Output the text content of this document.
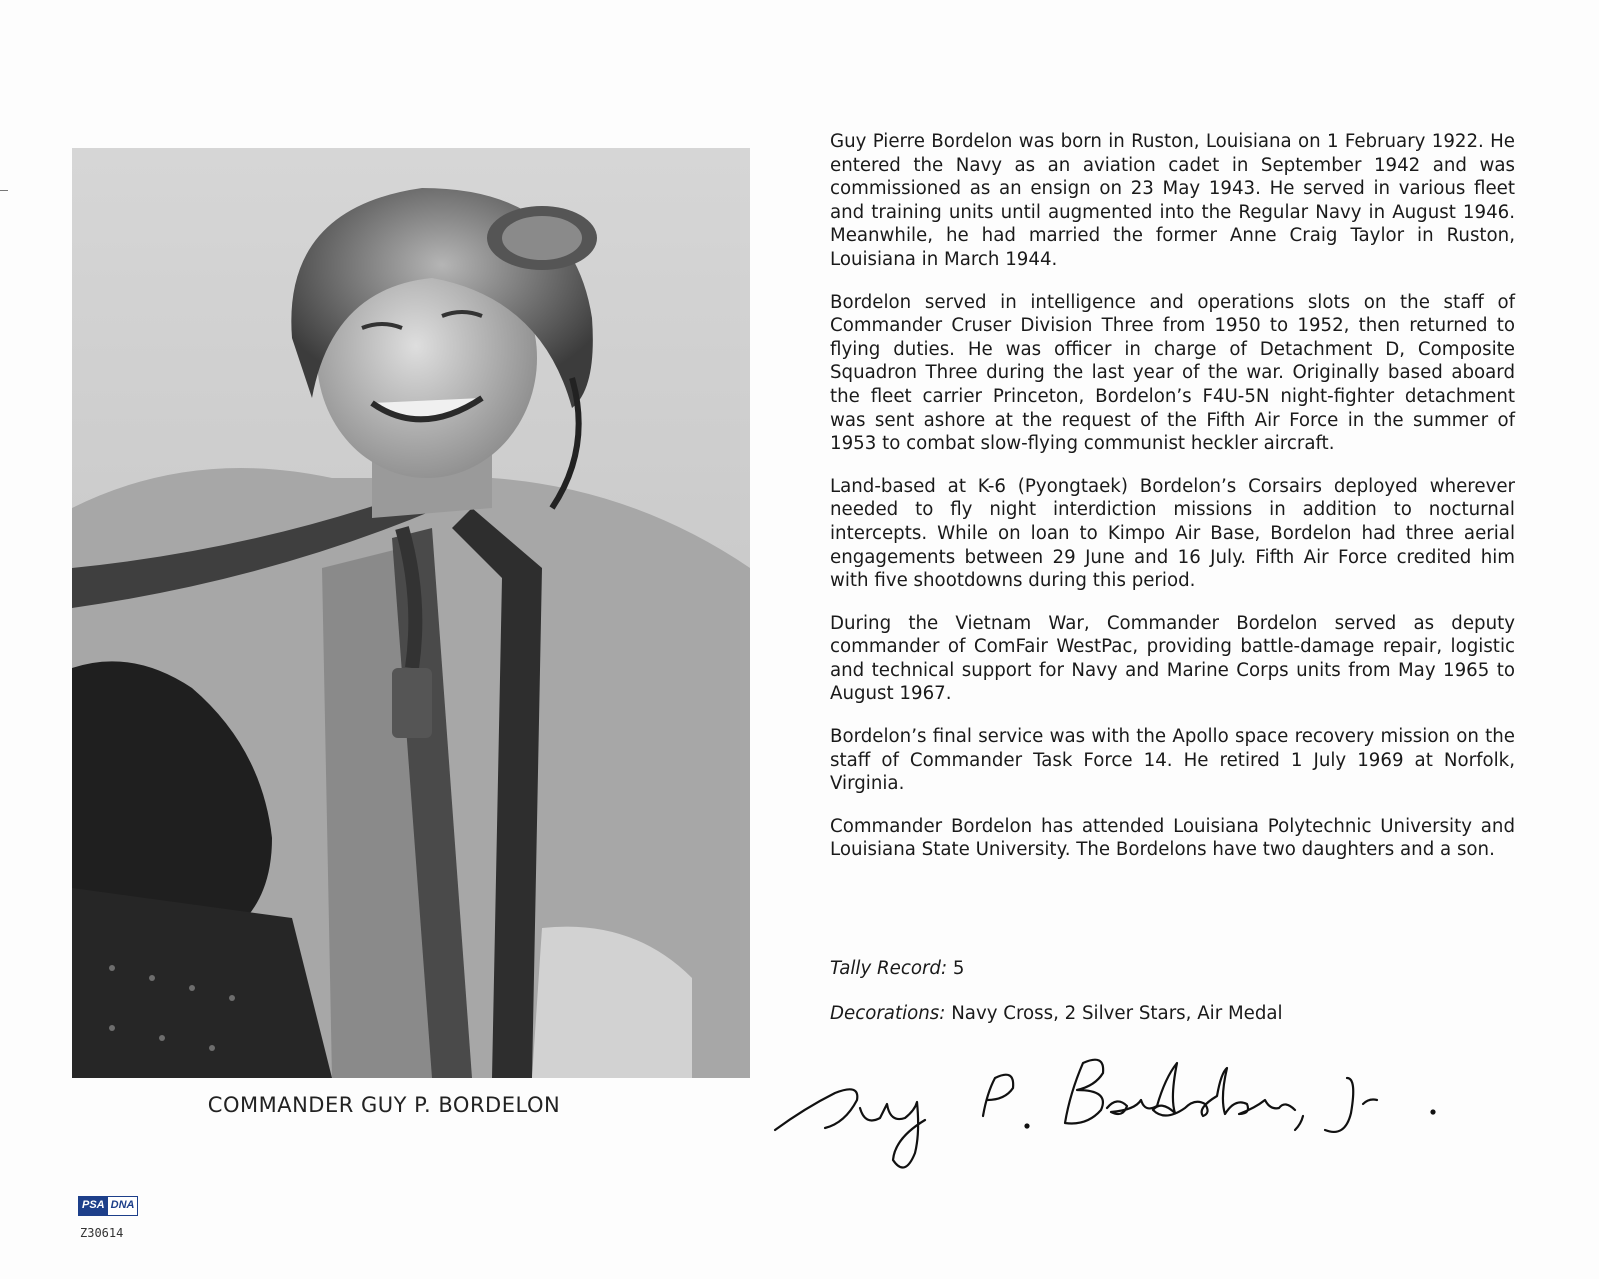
COMMANDER GUY P. BORDELON

Guy Pierre Bordelon was born in Ruston, Louisiana on 1 February 1922. He entered the Navy as an aviation cadet in September 1942 and was commissioned as an ensign on 23 May 1943. He served in various fleet and training units until augmented into the Regular Navy in August 1946. Meanwhile, he had married the former Anne Craig Taylor in Ruston, Louisiana in March 1944.

Bordelon served in intelligence and operations slots on the staff of Commander Cruser Division Three from 1950 to 1952, then returned to flying duties. He was officer in charge of Detachment D, Composite Squadron Three during the last year of the war. Originally based aboard the fleet carrier Princeton, Bordelon’s F4U-5N night-fighter detachment was sent ashore at the request of the Fifth Air Force in the summer of 1953 to combat slow-flying communist heckler aircraft.

Land-based at K-6 (Pyongtaek) Bordelon’s Corsairs deployed wherever needed to fly night interdiction missions in addition to nocturnal intercepts. While on loan to Kimpo Air Base, Bordelon had three aerial engagements between 29 June and 16 July. Fifth Air Force credited him with five shootdowns during this period.

During the Vietnam War, Commander Bordelon served as deputy commander of ComFair WestPac, providing battle-damage repair, logistic and technical support for Navy and Marine Corps units from May 1965 to August 1967.

Bordelon’s final service was with the Apollo space recovery mission on the staff of Commander Task Force 14. He retired 1 July 1969 at Norfolk, Virginia.

Commander Bordelon has attended Louisiana Polytechnic University and Louisiana State University. The Bordelons have two daughters and a son.

Tally Record: 5

Decorations: Navy Cross, 2 Silver Stars, Air Medal

PSA DNA
Z30614
